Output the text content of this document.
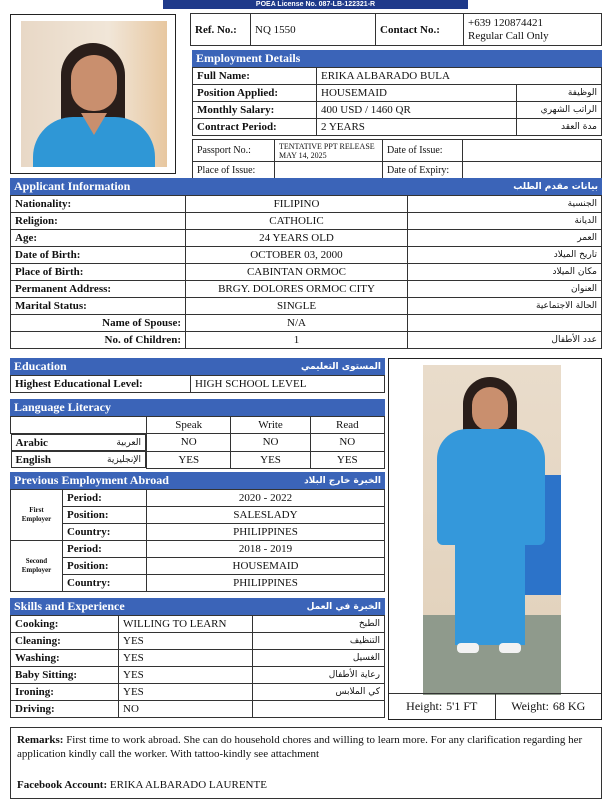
POEA License No. 087-LB-122321-R
Ref. No.:	NQ 1550	Contact No.:	
+639 120874421
Regular Call Only
Employment Details
Full Name:	ERIKA ALBARADO BULA	
Position Applied:	HOUSEMAID	الوظيفة
Monthly Salary:	400 USD / 1460 QR	الراتب الشهري
Contract Period:	2 YEARS	مدة العقد
Passport No.:	TENTATIVE PPT RELEASE MAY 14, 2025	Date of Issue:	
Place of Issue:		Date of Expiry:	
Applicant Information	بيانات مقدم الطلب
Nationality:	FILIPINO	الجنسية
Religion:	CATHOLIC	الديانة
Age:	24 YEARS OLD	العمر
Date of Birth:	OCTOBER 03, 2000	تاريخ الميلاد
Place of Birth:	CABINTAN ORMOC	مكان الميلاد
Permanent Address:	BRGY. DOLORES ORMOC CITY	العنوان
Marital Status:	SINGLE	الحالة الاجتماعية
Name of Spouse:	N/A	
No. of Children:	1	عدد الأطفال
Education	المستوى التعليمي
Highest Educational Level:	HIGH SCHOOL LEVEL
Language Literacy
	Speak	Write	Read

Arabic	العربية	NO	NO	NO

English	الإنجليزية	YES	YES	YES
Previous Employment Abroad	الخبرة خارج البلاد
First Employer	Period:	2020 - 2022
	Position:	SALESLADY
	Country:	PHILIPPINES
Second Employer	Period:	2018 - 2019
	Position:	HOUSEMAID
	Country:	PHILIPPINES
Skills and Experience	الخبرة في العمل
Cooking:	WILLING TO LEARN	الطبخ
Cleaning:	YES	التنظيف
Washing:	YES	الغسيل
Baby Sitting:	YES	رعاية الأطفال
Ironing:	YES	كي الملابس
Driving:	NO		Height: 5'1 FT	Weight: 68 KG
Remarks: First time to work abroad. She can do household chores and willing to learn more. For any clarification regarding her application kindly call the worker. With tattoo-kindly see attachment
Facebook Account: ERIKA ALBARADO LAURENTE
